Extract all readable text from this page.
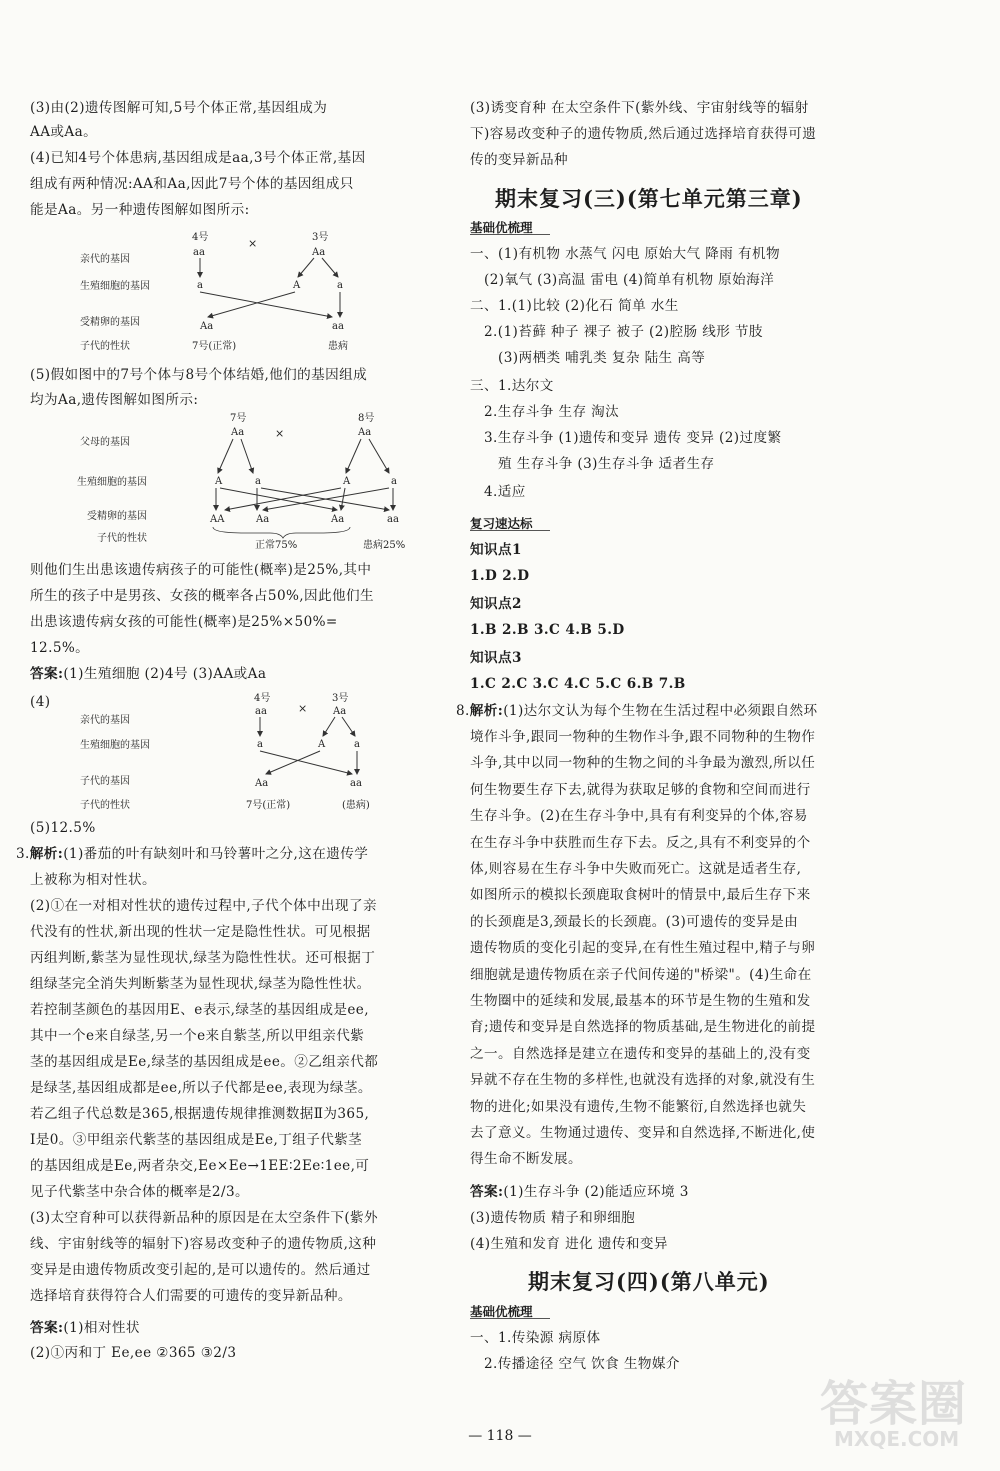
(3)由(2)遗传图解可知,5号个体正常,基因组成为
AA或Aa。
(4)已知4号个体患病,基因组成是aa,3号个体正常,基因
组成有两种情况:AA和Aa,因此7号个体的基因组成只
能是Aa。另一种遗传图解如图所示:
亲代的基因
生殖细胞的基因
受精卵的基因
子代的性状
4号
aa
×	3号
Aa
a	A	a
Aa	aa
7号(正常)	患病
(5)假如图中的7号个体与8号个体结婚,他们的基因组成
均为Aa,遗传图解如图所示:
父母的基因
生殖细胞的基因
受精卵的基因
子代的性状
7号
Aa	×
8号
Aa
A	a	A	a
AA	Aa	Aa	aa
正常75%	患病25%
则他们生出患该遗传病孩子的可能性(概率)是25%,其中
所生的孩子中是男孩、女孩的概率各占50%,因此他们生
出患该遗传病女孩的可能性(概率)是25%×50%=
12.5%。
答案:(1)生殖细胞 (2)4号 (3)AA或Aa
(4)
亲代的基因
生殖细胞的基因
子代的基因
子代的性状
4号
aa	×
3号
Aa
a	A	a
Aa	aa
7号(正常)	(患病)
(5)12.5%
3.解析:(1)番茄的叶有缺刻叶和马铃薯叶之分,这在遗传学
上被称为相对性状。
(2)①在一对相对性状的遗传过程中,子代个体中出现了亲
代没有的性状,新出现的性状一定是隐性性状。可见根据
丙组判断,紫茎为显性现状,绿茎为隐性性状。还可根据丁
组绿茎完全消失判断紫茎为显性现状,绿茎为隐性性状。
若控制茎颜色的基因用E、e表示,绿茎的基因组成是ee,
其中一个e来自绿茎,另一个e来自紫茎,所以甲组亲代紫
茎的基因组成是Ee,绿茎的基因组成是ee。②乙组亲代都
是绿茎,基因组成都是ee,所以子代都是ee,表现为绿茎。
若乙组子代总数是365,根据遗传规律推测数据Ⅱ为365,
Ⅰ是0。③甲组亲代紫茎的基因组成是Ee,丁组子代紫茎
的基因组成是Ee,两者杂交,Ee×Ee→1EE∶2Ee∶1ee,可
见子代紫茎中杂合体的概率是2/3。
(3)太空育种可以获得新品种的原因是在太空条件下(紫外
线、宇宙射线等的辐射下)容易改变种子的遗传物质,这种
变异是由遗传物质改变引起的,是可以遗传的。然后通过
选择培育获得符合人们需要的可遗传的变异新品种。
答案:(1)相对性状
(2)①丙和丁 Ee,ee ②365 ③2/3
(3)诱变育种 在太空条件下(紫外线、宇宙射线等的辐射
下)容易改变种子的遗传物质,然后通过选择培育获得可遗
传的变异新品种
期末复习(三)(第七单元第三章)
基础优梳理
一、(1)有机物 水蒸气 闪电 原始大气 降雨 有机物
(2)氧气 (3)高温 雷电 (4)简单有机物 原始海洋
二、1.(1)比较 (2)化石 简单 水生
2.(1)苔藓 种子 裸子 被子 (2)腔肠 线形 节肢
(3)两栖类 哺乳类 复杂 陆生 高等
三、1.达尔文
2.生存斗争 生存 淘汰
3.生存斗争 (1)遗传和变异 遗传 变异 (2)过度繁
殖 生存斗争 (3)生存斗争 适者生存
4.适应
复习速达标
知识点1
1.D 2.D
知识点2
1.B 2.B 3.C 4.B 5.D
知识点3
1.C 2.C 3.C 4.C 5.C 6.B 7.B
8.解析:(1)达尔文认为每个生物在生活过程中必须跟自然环
境作斗争,跟同一物种的生物作斗争,跟不同物种的生物作
斗争,其中以同一物种的生物之间的斗争最为激烈,所以任
何生物要生存下去,就得为获取足够的食物和空间而进行
生存斗争。(2)在生存斗争中,具有有利变异的个体,容易
在生存斗争中获胜而生存下去。反之,具有不利变异的个
体,则容易在生存斗争中失败而死亡。这就是适者生存,
如图所示的模拟长颈鹿取食树叶的情景中,最后生存下来
的长颈鹿是3,颈最长的长颈鹿。(3)可遗传的变异是由
遗传物质的变化引起的变异,在有性生殖过程中,精子与卵
细胞就是遗传物质在亲子代间传递的"桥梁"。(4)生命在
生物圈中的延续和发展,最基本的环节是生物的生殖和发
育;遗传和变异是自然选择的物质基础,是生物进化的前提
之一。自然选择是建立在遗传和变异的基础上的,没有变
异就不存在生物的多样性,也就没有选择的对象,就没有生
物的进化;如果没有遗传,生物不能繁衍,自然选择也就失
去了意义。生物通过遗传、变异和自然选择,不断进化,使
得生命不断发展。
答案:(1)生存斗争 (2)能适应环境 3
(3)遗传物质 精子和卵细胞
(4)生殖和发育 进化 遗传和变异
期末复习(四)(第八单元)
基础优梳理
一、1.传染源 病原体
2.传播途径 空气 饮食 生物媒介
— 118 —
答案圈
MXQE.COM
